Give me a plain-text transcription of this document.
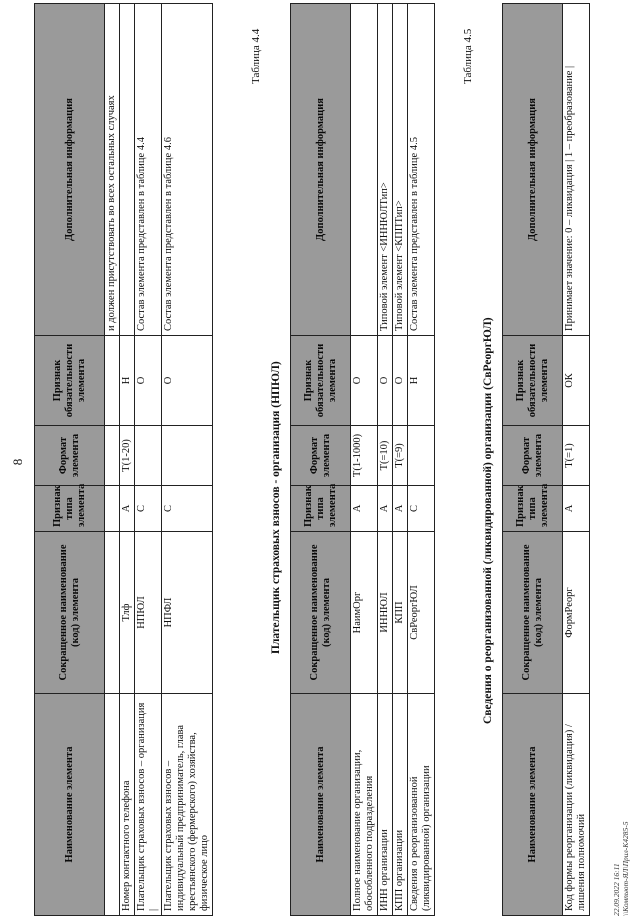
8
Наименование элемента	Сокращенное наименование (код) элемента	Признак типа элемента	Формат элемента	Признак обязательности элемента	Дополнительная информация
					и должен присутствовать во всех остальных случаях
Номер контактного телефона	Тлф	А	T(1-20)	Н	
Плательщик страховых взносов – организация |	НПЮЛ	С		О	Состав элемента представлен в таблице 4.4
Плательщик страховых взносов – индивидуальный предприниматель, глава крестьянского (фермерского) хозяйства, физическое лицо	НПФЛ	С		О	Состав элемента представлен в таблице 4.6
Таблица 4.4
Плательщик страховых взносов - организация (НПЮЛ)
Наименование элемента	Сокращенное наименование (код) элемента	Признак типа элемента	Формат элемента	Признак обязательности элемента	Дополнительная информация
Полное наименование организации, обособленного подразделения	НаимОрг	А	T(1-1000)	О	
ИНН организации	ИННЮЛ	А	T(=10)	О	Типовой элемент <ИННЮЛТип>
КПП организации	КПП	А	T(=9)	О	Типовой элемент <КППТип>
Сведения о реорганизованной (ликвидированной) организации	СвРеоргЮЛ	С		Н	Состав элемента представлен в таблице 4.5
Таблица 4.5
Сведения о реорганизованной (ликвидированной) организации (СвРеоргЮЛ)
Наименование элемента	Сокращенное наименование (код) элемента	Признак типа элемента	Формат элемента	Признак обязательности элемента	Дополнительная информация
Код формы реорганизации (ликвидация) / лишения полномочий	ФормРеорг	А	T(=1)	ОК	Принимает значение: 0 – ликвидация | 1 – преобразование |
22.09.2022 16:11 \\Компьют-ЯЛ\Прил-К4285-5
